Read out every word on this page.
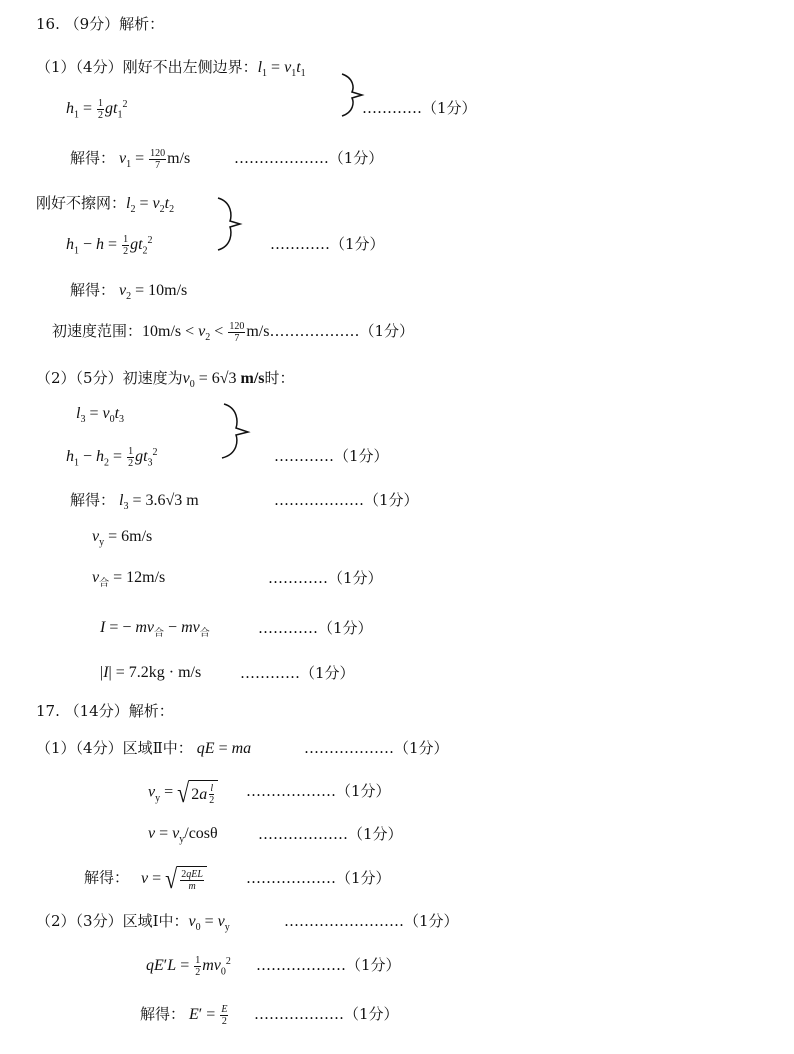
16. （9分）解析：
（1）（4分）刚好不出左侧边界：$l_1 = v_1t_1$
$h_1 = \frac{1}{2} gt_1^2$	…………（1分）
解得： $v_1 = \frac{120}{7} m/s$	……………….（1分）
刚好不擦网：$l_2 = v_2t_2$
$h_1 - h = \frac{1}{2} gt_2^2$	…………（1分）
解得： $v_2 = 10m/s$
初速度范围：$10m/s < v_2 < \frac{120}{7}$ m/s………………（1分）
（2）（5分）初速度为$v_0 = 6√3$ m/s时：
$l_3 = v_0t_3$
$h_1 - h_2 = \frac{1}{2} gt_3^2$	…………（1分）
解得： $l_3 = 3.6√3$ m	………………（1分）
$v_y = 6m/s$
$v_合 = 12m/s$	…………（1分）
I = − $mv_合 - mv_合$	…………（1分）
|I| = 7.2kg · m/s	…………（1分）
17. （14分）解析：
（1）（4分）区域Ⅱ中： qE = ma	………………（1分）
$v_y$ = √ 2 a l
2
………………（1分）
$v = v_y$/cosθ	………………（1分）
解得： v = √ 2qEL
m	………………（1分）
（2）（3分）区域Ⅰ中：$v_0 = v_y$	……………………（1分）
$qE'L = \frac{1}{2} mv_0^2$ ………………（1分）
解得： $E' = \frac{E}{2}$ ………………（1分）
